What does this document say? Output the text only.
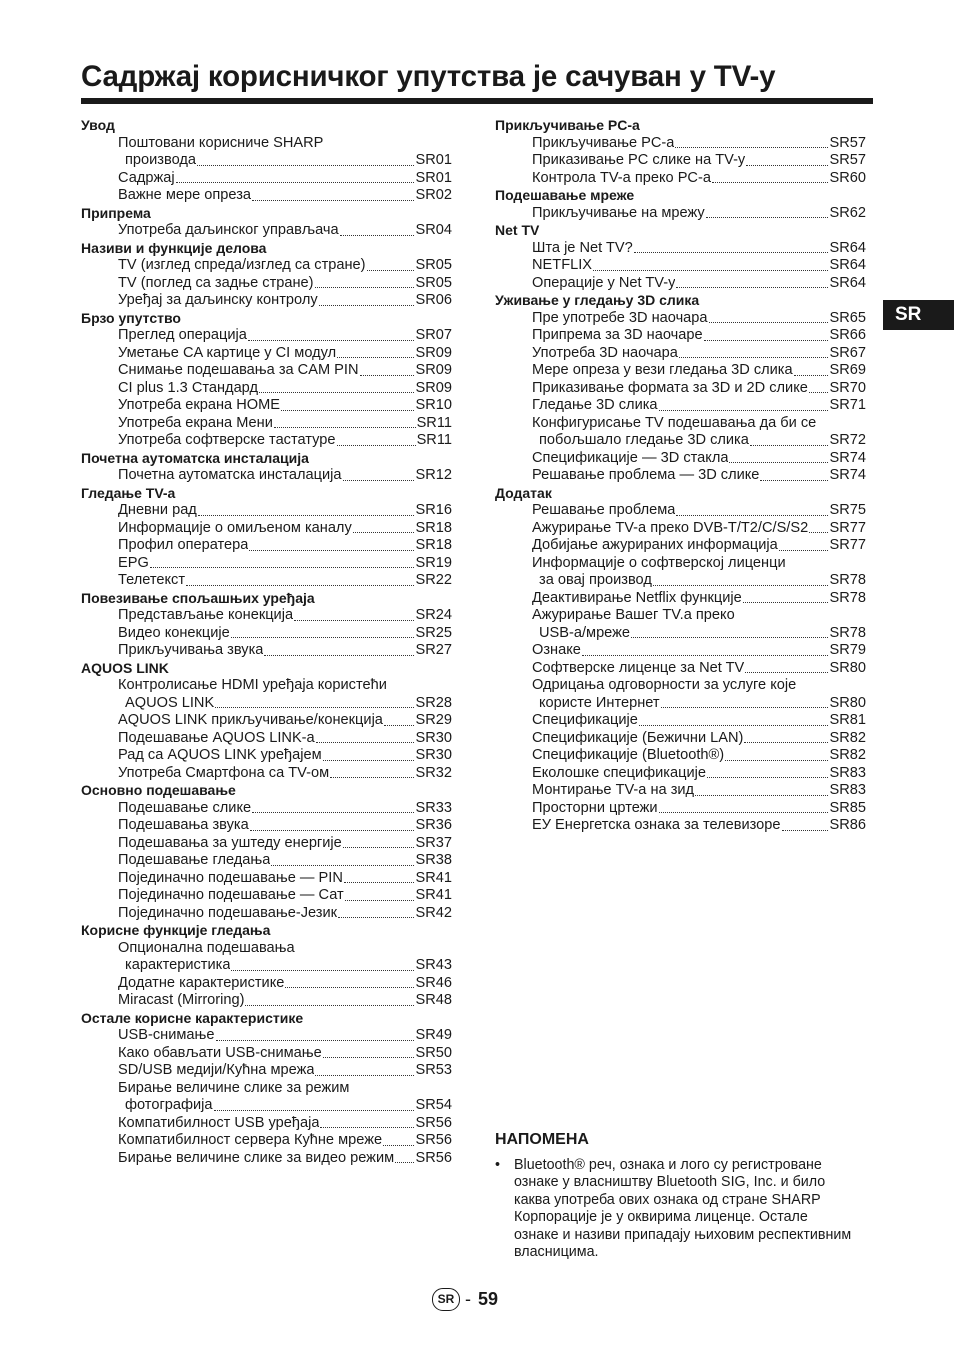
Садржај корисничког упутства је сачуван у TV-у
Увод
Поштовани корисниче SHARP
производа	SR01
Садржај	SR01
Важне мере опреза	SR02
Припрема
Употреба даљинског управљача	SR04
Називи и функције делова
TV (изглед спреда/изглед са стране)	SR05
TV (поглед са задње стране)	SR05
Уређај за даљинску контролу	SR06
Брзо упутство
Преглед операција	SR07
Уметање CA картице у CI модул	SR09
Снимање подешавања за CAM PIN	SR09
CI plus 1.3 Стандард	SR09
Употреба екрана HOME	SR10
Употреба екрана Мени	SR11
Употреба софтверске тастатуре	SR11
Почетна аутоматска инсталација
Почетна аутоматска инсталација	SR12
Гледање TV-а
Дневни рад	SR16
Информације о омиљеном каналу	SR18
Профил оператера	SR18
EPG	SR19
Телетекст	SR22
Повезивање спољашњих уређаја
Представљање конекција	SR24
Видео конекције	SR25
Прикључивања звука	SR27
AQUOS LINK
Контролисање HDMI уређаја користећи
AQUOS LINK	SR28
AQUOS LINK прикључивање/конекција SR29
Подешавање AQUOS LINK-а	SR30
Рад са AQUOS LINK уређајем	SR30
Употреба Смартфона са TV-ом	SR32
Основно подешавање
Подешавање слике	SR33
Подешавања звука	SR36
Подешавања за уштеду енергије	SR37
Подешавање гледања	SR38
Појединачно подешавање — PIN	SR41
Појединачно подешавање — Сат	SR41
Појединачно подешавање-Језик	SR42
Корисне функције гледања
Опционална подешавања
карактеристика	SR43
Додатне карактеристике	SR46
Miracast (Mirroring)	SR48
Остале корисне карактеристике
USB-снимање	SR49
Како обављати USB-снимање	SR50
SD/USB медији/Кућна мрежа	SR53
Бирање величине слике за режим
фотографија	SR54
Компатибилност USB уређаја	SR56
Компатибилност сервера Кућне мреже SR56
Бирање величине слике за видео режим SR56
Прикључивање PC-а
Прикључивање PC-а	SR57
Приказивање PC слике на TV-у	SR57
Контрола TV-а преко PC-а	SR60
Подешавање мреже
Прикључивање на мрежу	SR62
Net TV
Шта је Net TV?	SR64
NETFLIX	SR64
Операције у Net TV-у	SR64
Уживање у гледању 3D слика
Пре употребе 3D наочара	SR65
Припрема за 3D наочаре	SR66
Употреба 3D наочара	SR67
Мере опреза у вези гледања 3D слика	SR69
Приказивање формата за 3D и 2D слике SR70
Гледање 3D слика	SR71
Конфигурисање TV подешавања да би се
побољшало гледање 3D слика	SR72
Спецификације — 3D стакла	SR74
Решавање проблема — 3D слике	SR74
Додатак
Решавање проблема	SR75
Ажурирање TV-а преко DVB-T/T2/C/S/S2 SR77
Добијање ажурираних информација	SR77
Информације о софтверској лиценци
за овај производ	SR78
Деактивирање Netflix функције	SR78
Ажурирање Вашег TV.а преко
USB-а/мреже	SR78
Ознаке	SR79
Софтверске лиценце за Net TV	SR80
Одрицања одговорности за услуге које
користе Интернет	SR80
Спецификације	SR81
Спецификације (Бежични LAN)	SR82
Спецификације (Bluetooth®)	SR82
Еколошке спецификације	SR83
Монтирање TV-а на зид	SR83
Просторни цртежи	SR85
ЕУ Енергетска ознака за телевизоре	SR86
SR
НАПОМЕНА
• Bluetooth® реч, ознака и лого су регистроване ознаке у власништву Bluetooth SIG, Inc. и било каква употреба ових ознака од стране SHARP Корпорације је у оквирима лиценце. Остале ознаке и називи припадају њиховим респективним власницима.
SR - 59
